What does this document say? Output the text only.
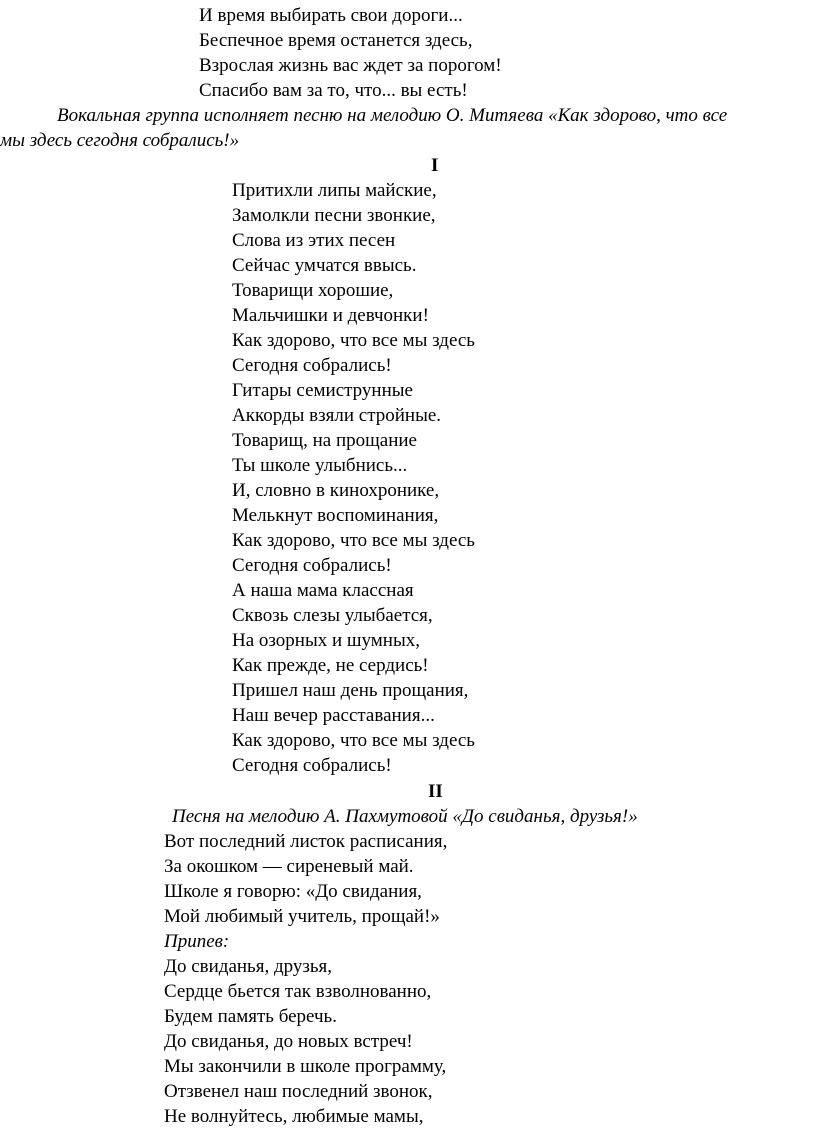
И время выбирать свои дороги...
Беспечное время останется здесь,
Взрослая жизнь вас ждет за порогом!
Спасибо вам за то, что... вы есть!
Вокальная группа исполняет песню на мелодию О. Митяева «Как здорово, что все
мы здесь сегодня собрались!»
I
Притихли липы майские,
Замолкли песни звонкие,
Слова из этих песен
Сейчас умчатся ввысь.
Товарищи хорошие,
Мальчишки и девчонки!
Как здорово, что все мы здесь
Сегодня собрались!
Гитары семиструнные
Аккорды взяли стройные.
Товарищ, на прощание
Ты школе улыбнись...
И, словно в кинохронике,
Мелькнут воспоминания,
Как здорово, что все мы здесь
Сегодня собрались!
А наша мама классная
Сквозь слезы улыбается,
На озорных и шумных,
Как прежде, не сердись!
Пришел наш день прощания,
Наш вечер расставания...
Как здорово, что все мы здесь
Сегодня собрались!
II
Песня на мелодию А. Пахмутовой «До свиданья, друзья!»
Вот последний листок расписания,
За окошком — сиреневый май.
Школе я говорю: «До свидания,
Мой любимый учитель, прощай!»
Припев:
До свиданья, друзья,
Сердце бьется так взволнованно,
Будем память беречь.
До свиданья, до новых встреч!
Мы закончили в школе программу,
Отзвенел наш последний звонок,
Не волнуйтесь, любимые мамы,
